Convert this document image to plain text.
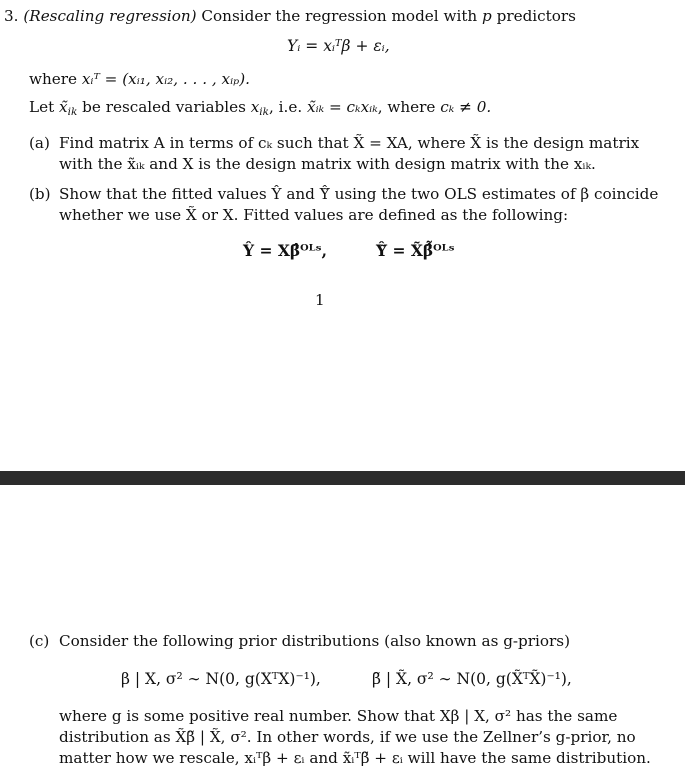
3. (Rescaling regression) Consider the regression model with p predictors
Yᵢ = xᵢᵀβ + εᵢ,
where xᵢᵀ = (xᵢ₁, xᵢ₂, . . . , xᵢₚ).
Let $x̃_{ik}$ be rescaled variables $x_{ik}$, i.e. x̃ᵢₖ = cₖxᵢₖ, where cₖ ≠ 0.
(a) Find matrix A in terms of cₖ such that X̃ = XA, where X̃ is the design matrix
with the x̃ᵢₖ and X is the design matrix with design matrix with the xᵢₖ.
(b) Show that the fitted values Ŷ and Ŷ̃ using the two OLS estimates of β coincide
whether we use X̃ or X. Fitted values are defined as the following:
Ŷ = Xβ̂ᴼᴸˢ,	Ŷ̃ = X̃β̂̃ᴼᴸˢ
1
(c) Consider the following prior distributions (also known as g-priors)
β | X, σ² ∼ N(0, g(XᵀX)⁻¹),	β̃ | X̃, σ² ∼ N(0, g(X̃ᵀX̃)⁻¹),
where g is some positive real number. Show that Xβ | X, σ² has the same
distribution as X̃β̃ | X̃, σ². In other words, if we use the Zellner’s g-prior, no
matter how we rescale, xᵢᵀβ + εᵢ and x̃ᵢᵀβ̃ + εᵢ will have the same distribution.
